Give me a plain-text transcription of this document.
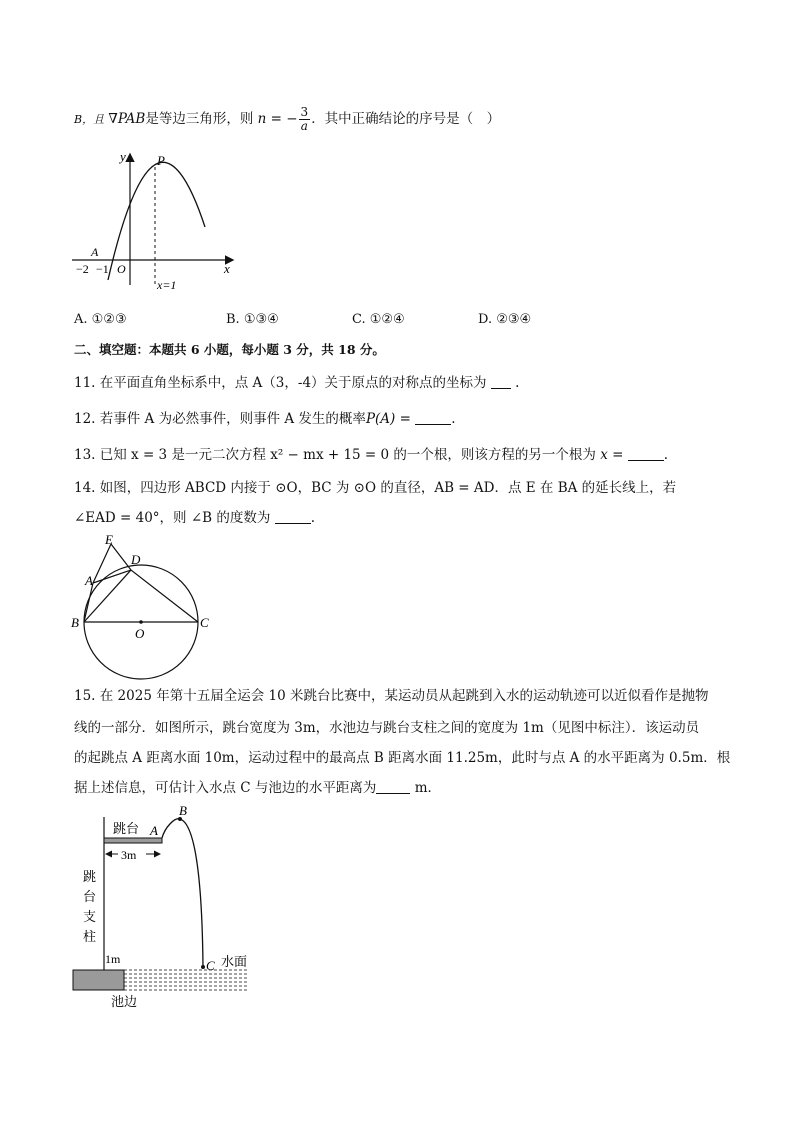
B，且 ∇PAB是等边三角形，则 n = − $\frac{3}{a}$ ．其中正确结论的序号是（　）
y P
A
x
−2 −1 O
x=1
A. ①②③	B. ①③④	C. ①②④	D. ②③④
二、填空题：本题共 6 小题，每小题 3 分，共 18 分。
11. 在平面直角坐标系中，点 A（3，-4）关于原点的对称点的坐标为 .
12. 若事件 A 为必然事件，则事件 A 发生的概率P(A) =	.
13. 已知 x = 3 是一元二次方程 x² − mx + 15 = 0 的一个根，则该方程的另一个根为 x =	.
14. 如图，四边形 ABCD 内接于 ⊙O，BC 为 ⊙O 的直径，AB = AD．点 E 在 BA 的延长线上，若
∠EAD = 40°，则 ∠B 的度数为	.
E
D
A
B
O
C
15. 在 2025 年第十五届全运会 10 米跳台比赛中，某运动员从起跳到入水的运动轨迹可以近似看作是抛物
线的一部分．如图所示，跳台宽度为 3m，水池边与跳台支柱之间的宽度为 1m（见图中标注）．该运动员
的起跳点 A 距离水面 10m，运动过程中的最高点 B 距离水面 11.25m，此时与点 A 的水平距离为 0.5m．根
据上述信息，可估计入水点 C 与池边的水平距离为	m．
跳台 A
B
3m
跳
台
支
柱
1m	C 水面
池边
